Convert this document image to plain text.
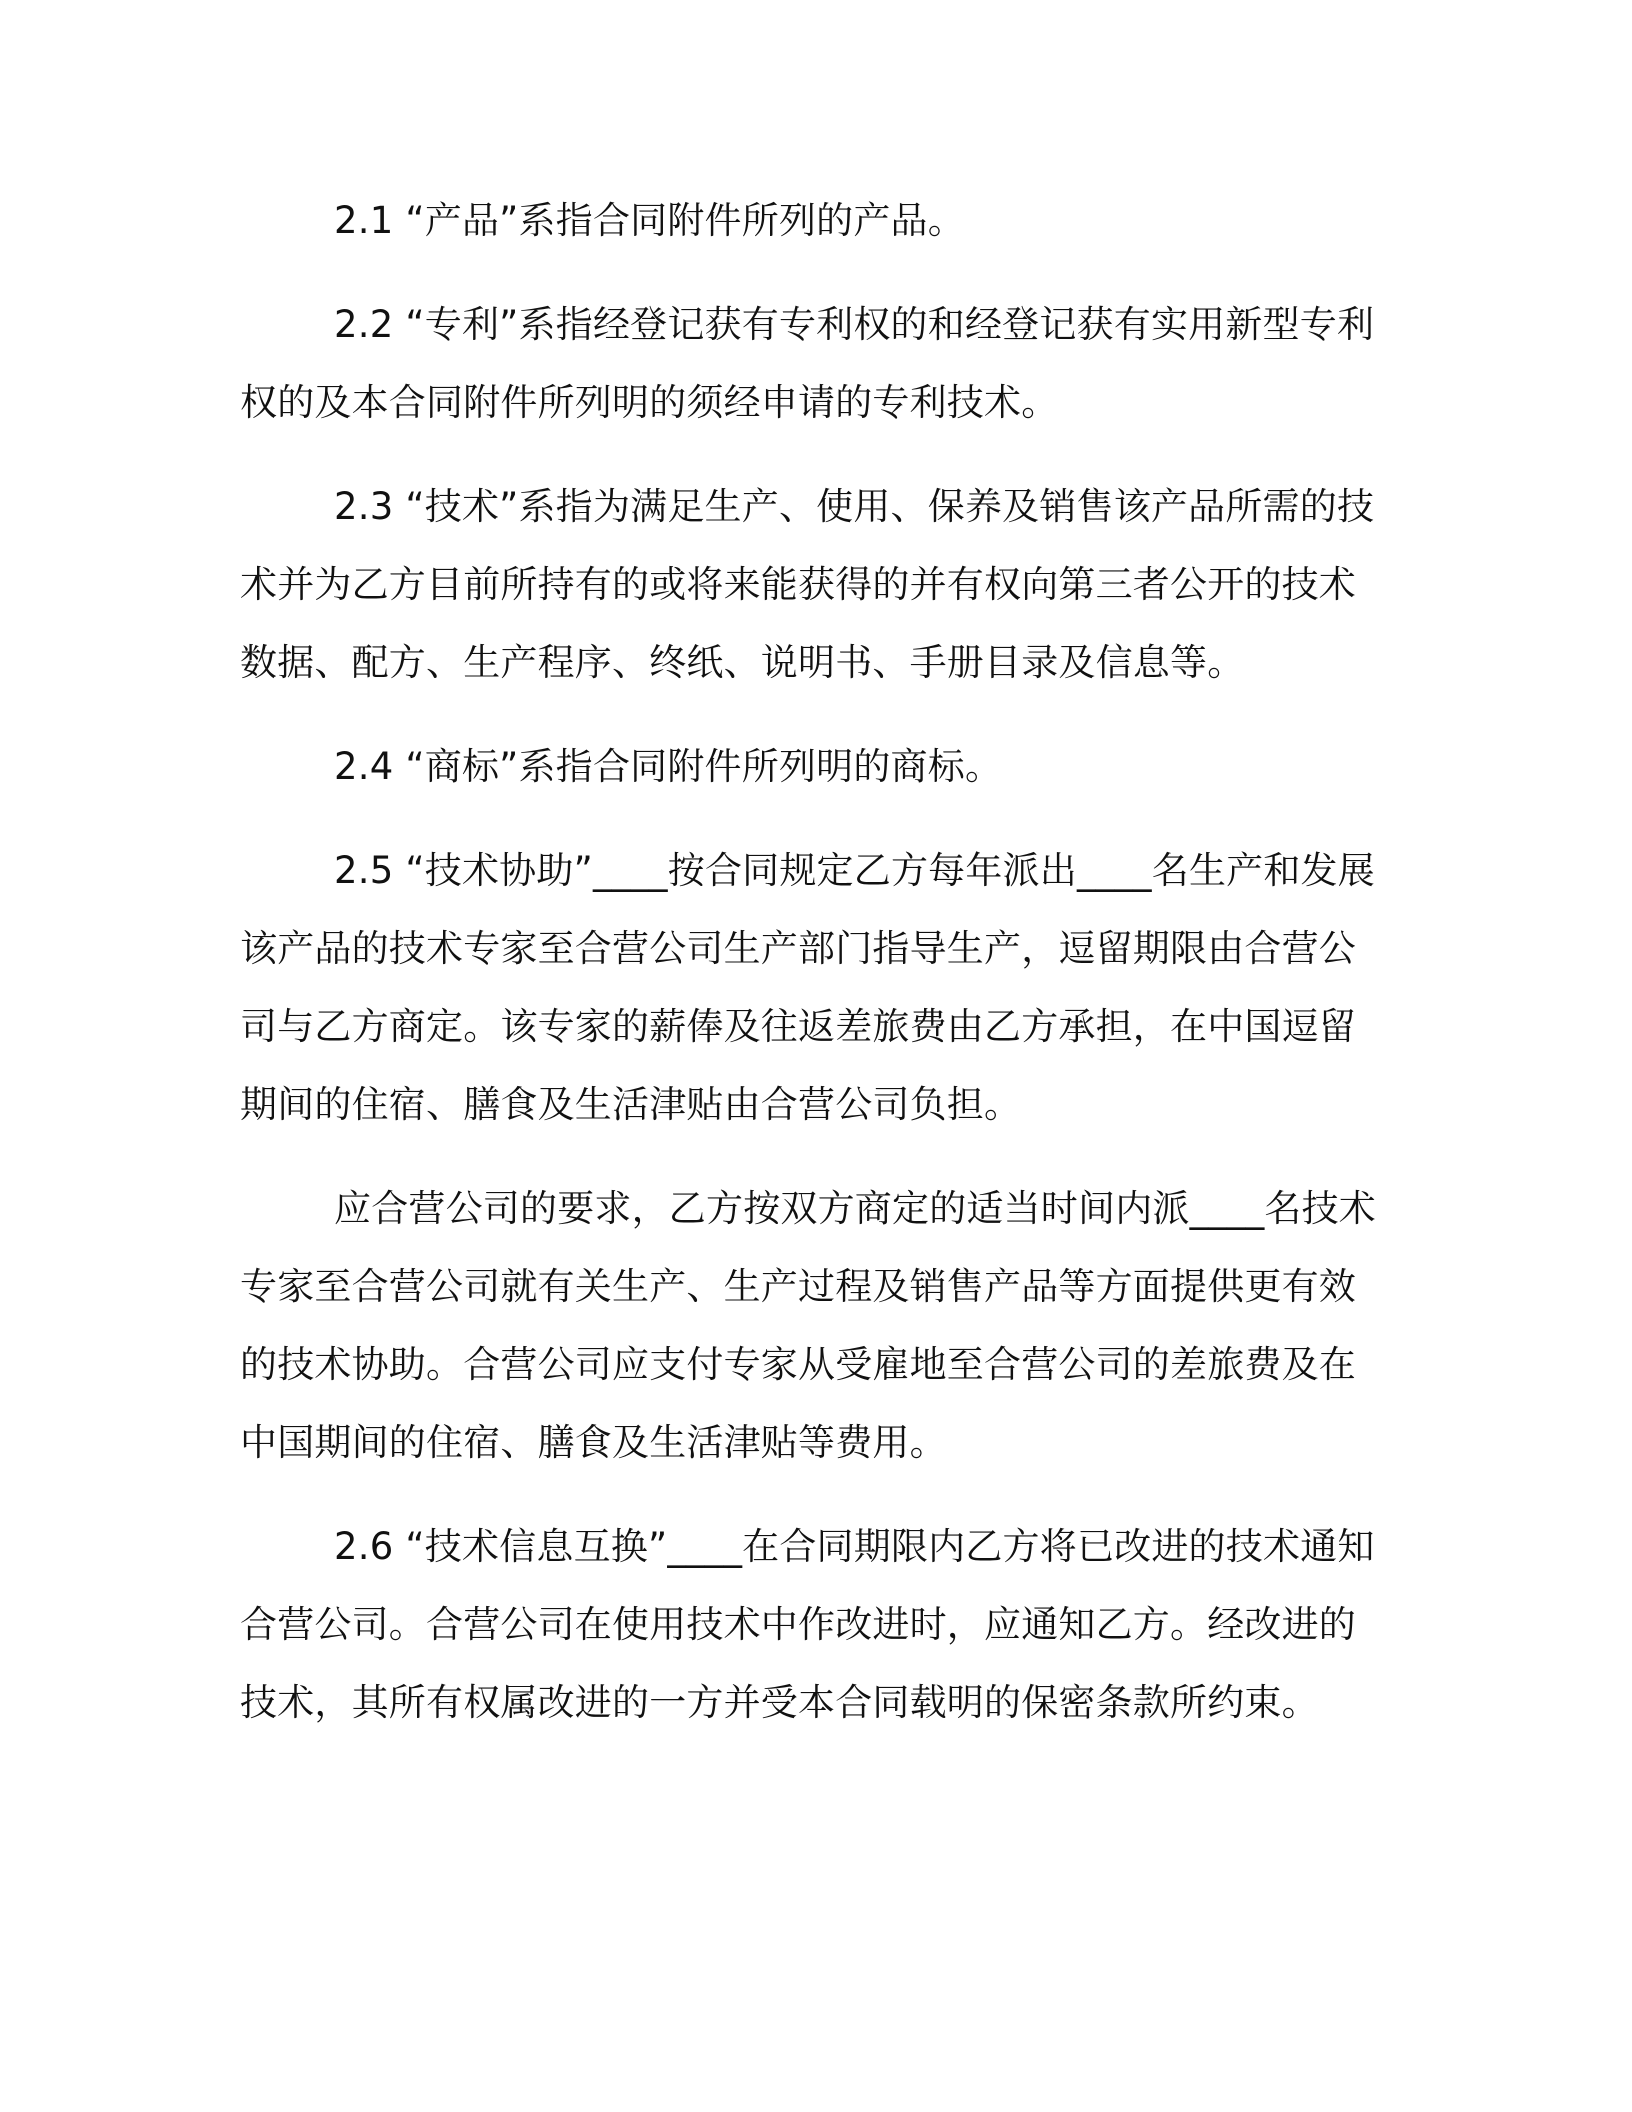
2.1 “产品”系指合同附件所列的产品。

2.2 “专利”系指经登记获有专利权的和经登记获有实用新型专利权的及本合同附件所列明的须经申请的专利技术。

2.3 “技术”系指为满足生产、使用、保养及销售该产品所需的技术并为乙方目前所持有的或将来能获得的并有权向第三者公开的技术数据、配方、生产程序、终纸、说明书、手册目录及信息等。

2.4 “商标”系指合同附件所列明的商标。

2.5 “技术协助”____按合同规定乙方每年派出____名生产和发展该产品的技术专家至合营公司生产部门指导生产，逗留期限由合营公司与乙方商定。该专家的薪俸及往返差旅费由乙方承担，在中国逗留期间的住宿、膳食及生活津贴由合营公司负担。

应合营公司的要求，乙方按双方商定的适当时间内派____名技术专家至合营公司就有关生产、生产过程及销售产品等方面提供更有效的技术协助。合营公司应支付专家从受雇地至合营公司的差旅费及在中国期间的住宿、膳食及生活津贴等费用。

2.6 “技术信息互换”____在合同期限内乙方将已改进的技术通知合营公司。合营公司在使用技术中作改进时，应通知乙方。经改进的技术，其所有权属改进的一方并受本合同载明的保密条款所约束。
